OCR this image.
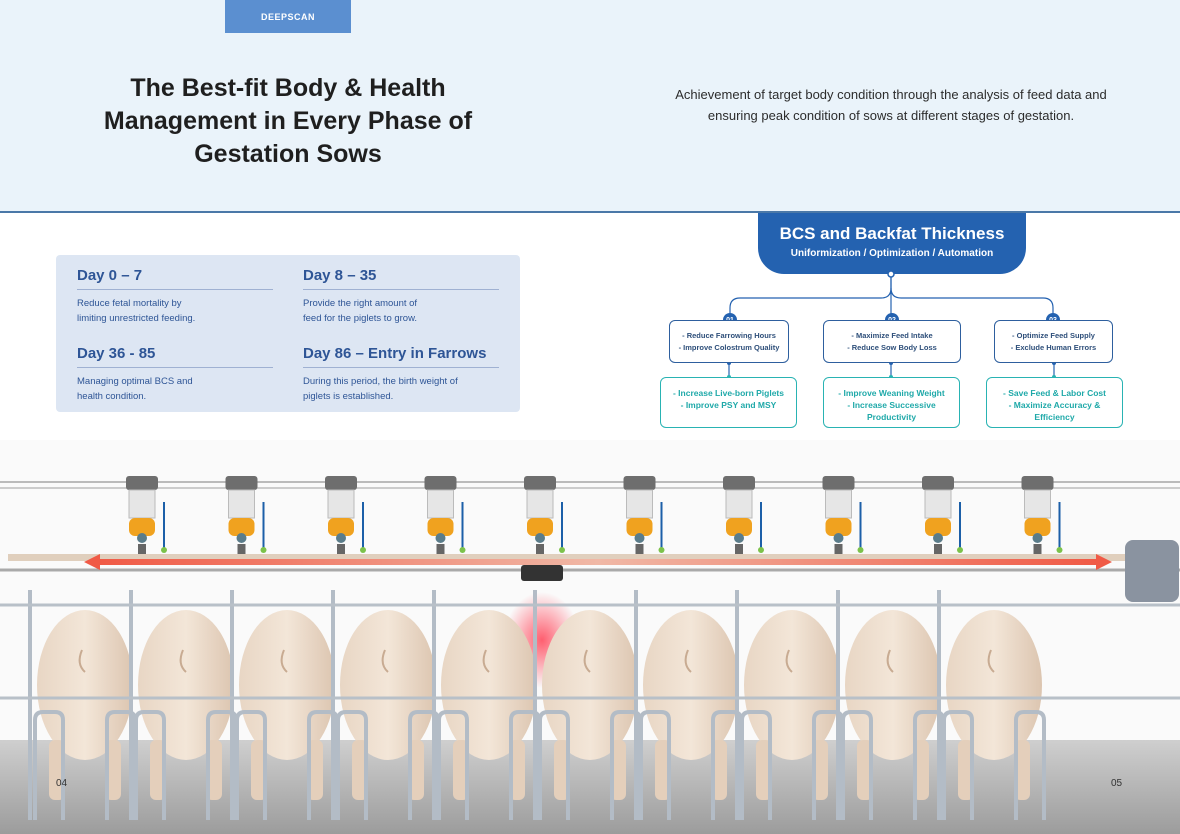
DEEPSCAN
The Best-fit Body & Health Management in Every Phase of Gestation Sows

Achievement of target body condition through the analysis of feed data and ensuring peak condition of sows at different stages of gestation.

Day 0 – 7
Reduce fetal mortality by
limiting unrestricted feeding.
Day 8 – 35
Provide the right amount of
feed for the piglets to grow.
Day 36 - 85
Managing optimal BCS and
health condition.
Day 86 – Entry in Farrows
During this period, the birth weight of
piglets is established.
BCS and Backfat Thickness
Uniformization / Optimization / Automation
- Reduce Farrowing Hours
- Improve Colostrum Quality
- Maximize Feed Intake
- Reduce Sow Body Loss
- Optimize Feed Supply
- Exclude Human Errors
- Increase Live-born Piglets
- Improve PSY and MSY
- Improve Weaning Weight
- Increase Successive
Productivity
- Save Feed & Labor Cost
- Maximize Accuracy &
Efficiency
04	05
